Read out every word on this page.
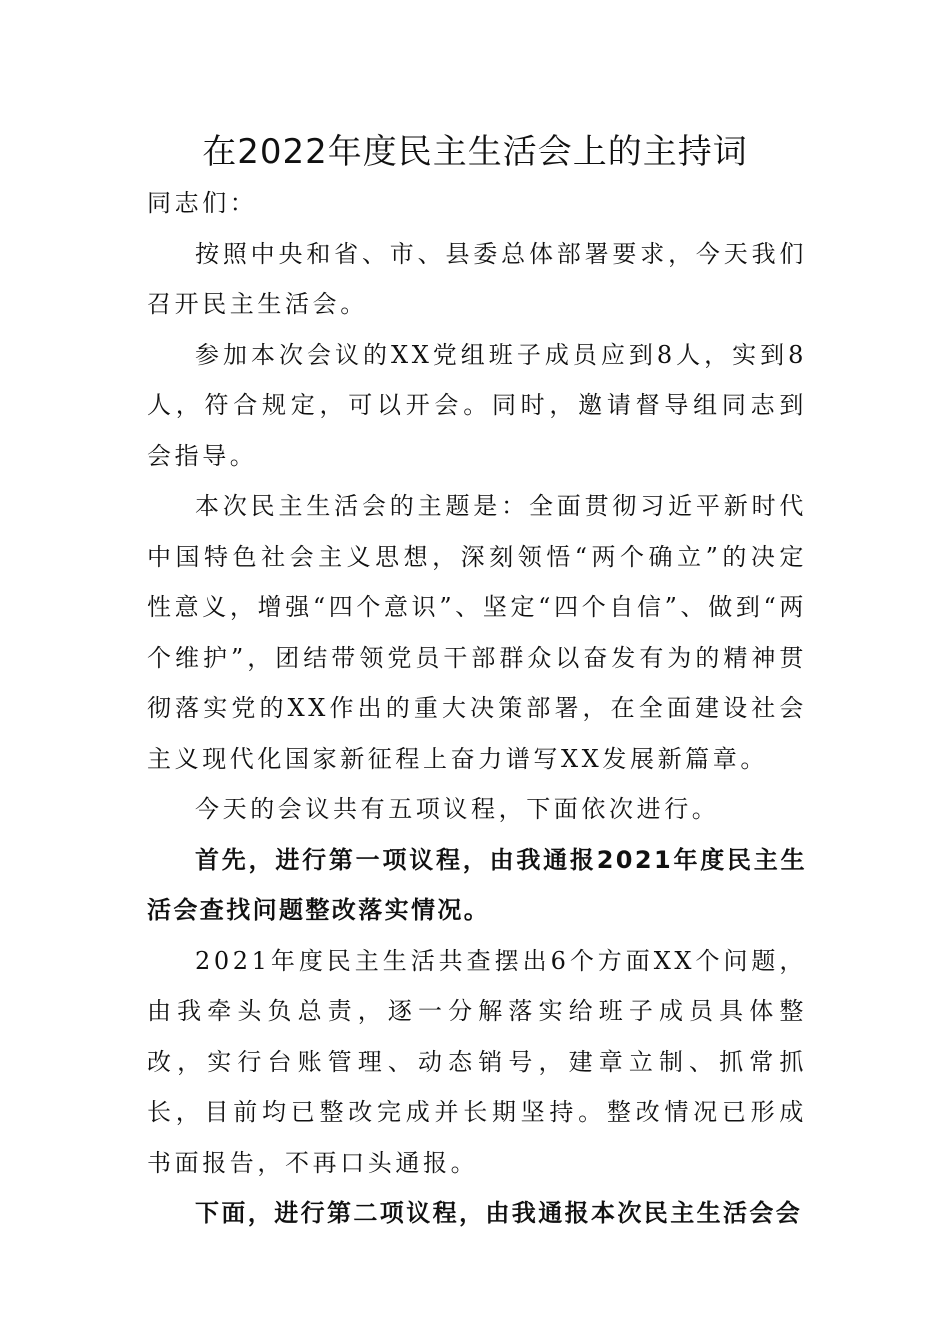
在2022年度民主生活会上的主持词

同志们：

按照中央和省、市、县委总体部署要求，今天我们召开民主生活会。

参加本次会议的XX党组班子成员应到8人，实到8人，符合规定，可以开会。同时，邀请督导组同志到会指导。

本次民主生活会的主题是：全面贯彻习近平新时代中国特色社会主义思想，深刻领悟“两个确立”的决定性意义，增强“四个意识”、坚定“四个自信”、做到“两个维护”，团结带领党员干部群众以奋发有为的精神贯彻落实党的XX作出的重大决策部署，在全面建设社会主义现代化国家新征程上奋力谱写XX发展新篇章。

今天的会议共有五项议程，下面依次进行。

首先，进行第一项议程，由我通报2021年度民主生活会查找问题整改落实情况。

2021年度民主生活共查摆出6个方面XX个问题，由我牵头负总责，逐一分解落实给班子成员具体整改，实行台账管理、动态销号，建章立制、抓常抓长，目前均已整改完成并长期坚持。整改情况已形成书面报告，不再口头通报。

下面，进行第二项议程，由我通报本次民主生活会会
